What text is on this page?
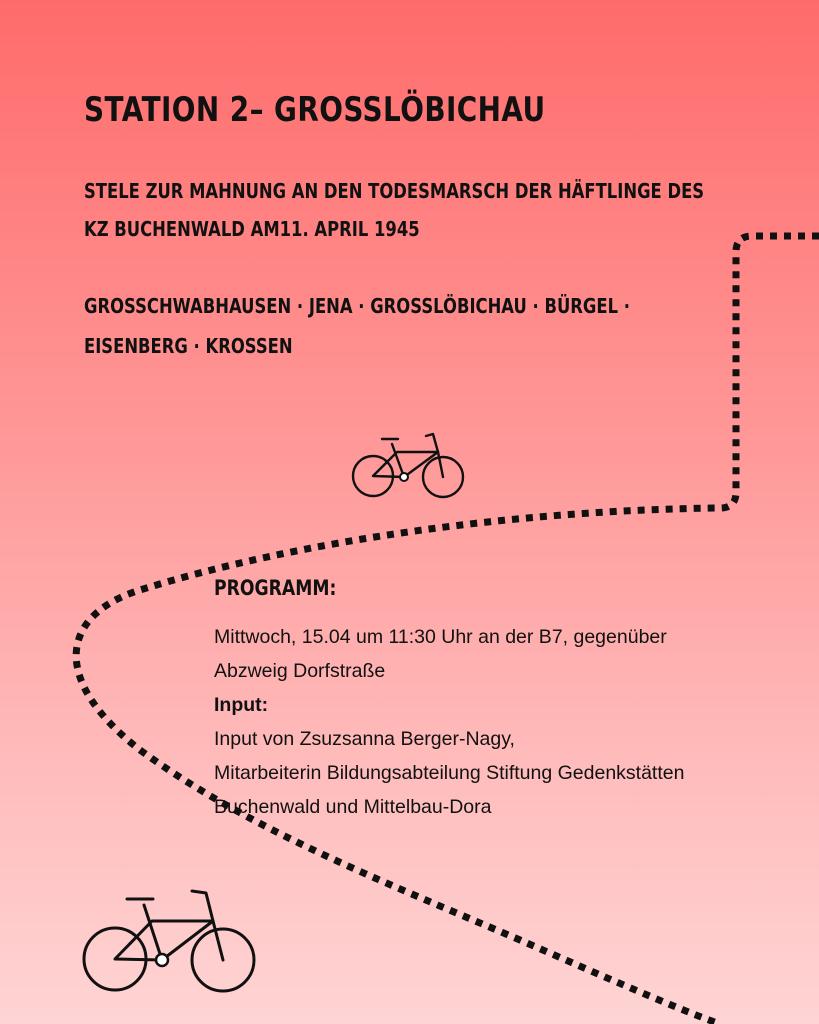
STATION 2– GROSSLÖBICHAU
STELE ZUR MAHNUNG AN DEN TODESMARSCH DER HÄFTLINGE DES
KZ BUCHENWALD AM11. APRIL 1945
GROSSCHWABHAUSEN · JENA · GROSSLÖBICHAU · BÜRGEL ·
EISENBERG · KROSSEN
PROGRAMM:

Mittwoch, 15.04 um 11:30 Uhr an der B7, gegenüber

Abzweig Dorfstraße

Input:

Input von Zsuzsanna Berger-Nagy,

Mitarbeiterin Bildungsabteilung Stiftung Gedenkstätten

Buchenwald und Mittelbau-Dora
